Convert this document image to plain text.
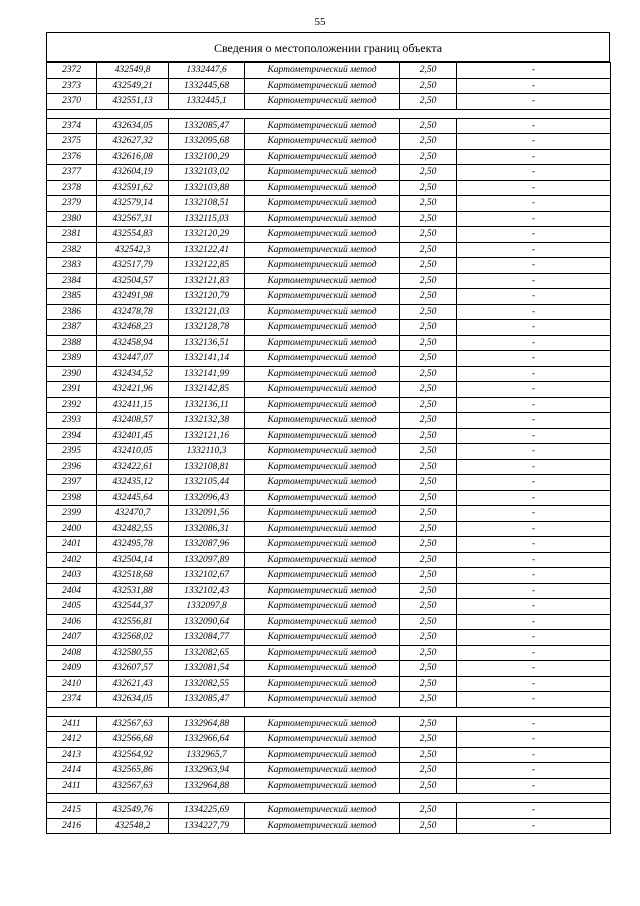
55
Сведения о местоположении границ объекта
2372	432549,8	1332447,6	Картометрический метод	2,50	-
2373	432549,21	1332445,68	Картометрический метод	2,50	-
2370	432551,13	1332445,1	Картометрический метод	2,50	-

2374	432634,05	1332085,47	Картометрический метод	2,50	-
2375	432627,32	1332095,68	Картометрический метод	2,50	-
2376	432616,08	1332100,29	Картометрический метод	2,50	-
2377	432604,19	1332103,02	Картометрический метод	2,50	-
2378	432591,62	1332103,88	Картометрический метод	2,50	-
2379	432579,14	1332108,51	Картометрический метод	2,50	-
2380	432567,31	1332115,03	Картометрический метод	2,50	-
2381	432554,83	1332120,29	Картометрический метод	2,50	-
2382	432542,3	1332122,41	Картометрический метод	2,50	-
2383	432517,79	1332122,85	Картометрический метод	2,50	-
2384	432504,57	1332121,83	Картометрический метод	2,50	-
2385	432491,98	1332120,79	Картометрический метод	2,50	-
2386	432478,78	1332121,03	Картометрический метод	2,50	-
2387	432468,23	1332128,78	Картометрический метод	2,50	-
2388	432458,94	1332136,51	Картометрический метод	2,50	-
2389	432447,07	1332141,14	Картометрический метод	2,50	-
2390	432434,52	1332141,99	Картометрический метод	2,50	-
2391	432421,96	1332142,85	Картометрический метод	2,50	-
2392	432411,15	1332136,11	Картометрический метод	2,50	-
2393	432408,57	1332132,38	Картометрический метод	2,50	-
2394	432401,45	1332121,16	Картометрический метод	2,50	-
2395	432410,05	1332110,3	Картометрический метод	2,50	-
2396	432422,61	1332108,81	Картометрический метод	2,50	-
2397	432435,12	1332105,44	Картометрический метод	2,50	-
2398	432445,64	1332096,43	Картометрический метод	2,50	-
2399	432470,7	1332091,56	Картометрический метод	2,50	-
2400	432482,55	1332086,31	Картометрический метод	2,50	-
2401	432495,78	1332087,96	Картометрический метод	2,50	-
2402	432504,14	1332097,89	Картометрический метод	2,50	-
2403	432518,68	1332102,67	Картометрический метод	2,50	-
2404	432531,88	1332102,43	Картометрический метод	2,50	-
2405	432544,37	1332097,8	Картометрический метод	2,50	-
2406	432556,81	1332090,64	Картометрический метод	2,50	-
2407	432568,02	1332084,77	Картометрический метод	2,50	-
2408	432580,55	1332082,65	Картометрический метод	2,50	-
2409	432607,57	1332081,54	Картометрический метод	2,50	-
2410	432621,43	1332082,55	Картометрический метод	2,50	-
2374	432634,05	1332085,47	Картометрический метод	2,50	-

2411	432567,63	1332964,88	Картометрический метод	2,50	-
2412	432566,68	1332966,64	Картометрический метод	2,50	-
2413	432564,92	1332965,7	Картометрический метод	2,50	-
2414	432565,86	1332963,94	Картометрический метод	2,50	-
2411	432567,63	1332964,88	Картометрический метод	2,50	-

2415	432549,76	1334225,69	Картометрический метод	2,50	-
2416	432548,2	1334227,79	Картометрический метод	2,50	-
